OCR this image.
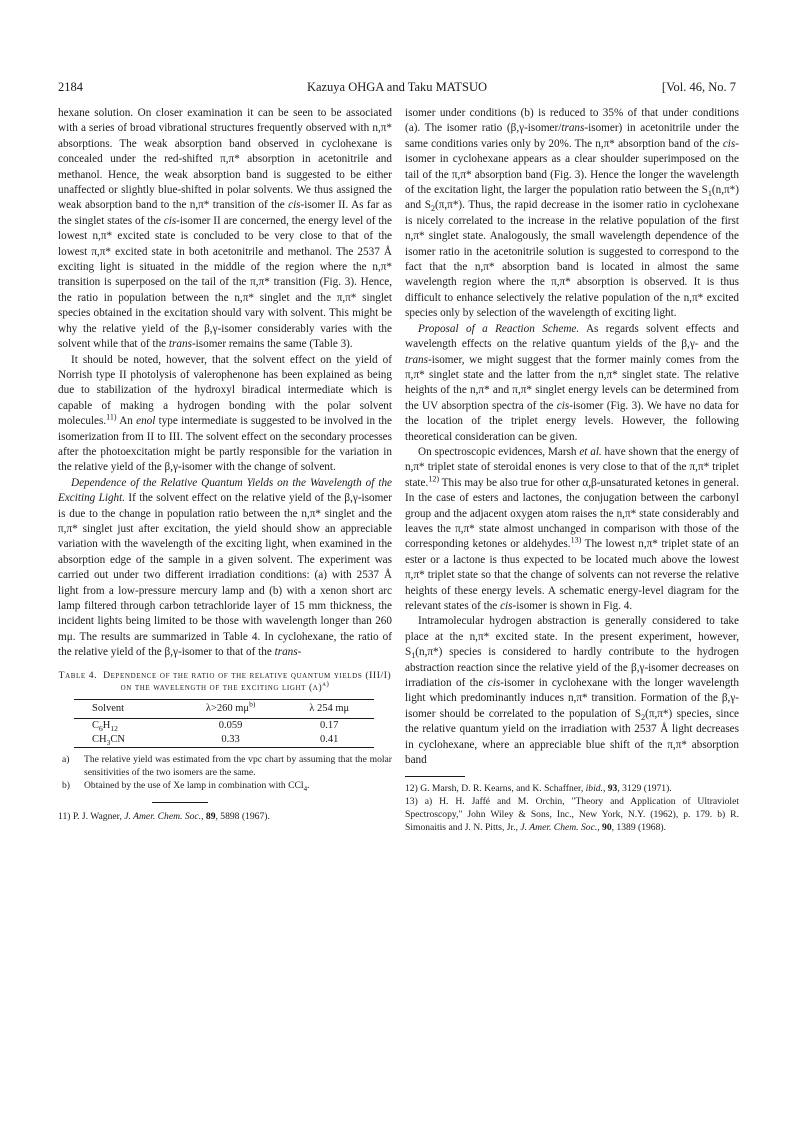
2184	Kazuya OHGA and Taku MATSUO	[Vol. 46, No. 7

hexane solution. On closer examination it can be seen to be associated with a series of broad vibrational structures frequently observed with n,π* absorptions. The weak absorption band observed in cyclohexane is concealed under the red-shifted π,π* absorption in acetonitrile and methanol. Hence, the weak absorption band is suggested to be either unaffected or slightly blue-shifted in polar solvents. We thus assigned the weak absorption band to the n,π* transition of the cis-isomer II. As far as the singlet states of the cis-isomer II are concerned, the energy level of the lowest n,π* excited state is concluded to be very close to that of the lowest π,π* excited state in both acetonitrile and methanol. The 2537 Å exciting light is situated in the middle of the region where the n,π* transition is superposed on the tail of the π,π* transition (Fig. 3). Hence, the ratio in population between the n,π* singlet and the π,π* singlet species obtained in the excitation should vary with solvent. This might be why the relative yield of the β,γ-isomer considerably varies with the solvent while that of the trans-isomer remains the same (Table 3).

It should be noted, however, that the solvent effect on the yield of Norrish type II photolysis of valerophenone has been explained as being due to stabilization of the hydroxyl biradical intermediate which is capable of making a hydrogen bonding with the polar solvent molecules.$^{11)}$ An enol type intermediate is suggested to be involved in the isomerization from II to III. The solvent effect on the secondary processes after the photoexcitation might be partly responsible for the variation in the relative yield of the β,γ-isomer with the change of solvent.

Dependence of the Relative Quantum Yields on the Wavelength of the Exciting Light. If the solvent effect on the relative yield of the β,γ-isomer is due to the change in population ratio between the n,π* singlet and the π,π* singlet just after excitation, the yield should show an appreciable variation with the wavelength of the exciting light, when examined in the absorption edge of the sample in a given solvent. The experiment was carried out under two different irradiation conditions: (a) with 2537 Å light from a low-pressure mercury lamp and (b) with a xenon short arc lamp filtered through carbon tetrachloride layer of 15 mm thickness, the incident lights being limited to be those with wavelength longer than 260 mμ. The results are summarized in Table 4. In cyclohexane, the ratio of the relative yield of the β,γ-isomer to that of the trans-

Table 4. Dependence of the ratio of the relative quantum yields (III/I) on the wavelength of the exciting light $(\lambda)^{a)}$
Solvent	λ>260 $m\mu^{b)}$	λ 254 mμ
$C_6H_{12}$	0.059	0.17
$CH_3CN$	0.33	0.41
a) The relative yield was estimated from the vpc chart by assuming that the molar sensitivities of the two isomers are the same.
b) Obtained by the use of Xe lamp in combination with CCl$_4$.
11) P. J. Wagner, J. Amer. Chem. Soc., 89, 5898 (1967).

isomer under conditions (b) is reduced to 35% of that under conditions (a). The isomer ratio (β,γ-isomer/trans-isomer) in acetonitrile under the same conditions varies only by 20%. The n,π* absorption band of the cis-isomer in cyclohexane appears as a clear shoulder superimposed on the tail of the π,π* absorption band (Fig. 3). Hence the longer the wavelength of the excitation light, the larger the population ratio between the $S_1(n,\pi*)$ and $S_2(\pi,\pi*)$. Thus, the rapid decrease in the isomer ratio in cyclohexane is nicely correlated to the increase in the relative population of the first n,π* singlet state. Analogously, the small wavelength dependence of the isomer ratio in the acetonitrile solution is suggested to correspond to the fact that the n,π* absorption band is located in almost the same wavelength region where the π,π* absorption is observed. It is thus difficult to enhance selectively the relative population of the n,π* excited species only by selection of the wavelength of exciting light.

Proposal of a Reaction Scheme. As regards solvent effects and wavelength effects on the relative quantum yields of the β,γ- and the trans-isomer, we might suggest that the former mainly comes from the π,π* singlet state and the latter from the n,π* singlet state. The relative heights of the n,π* and π,π* singlet energy levels can be determined from the UV absorption spectra of the cis-isomer (Fig. 3). We have no data for the location of the triplet energy levels. However, the following theoretical consideration can be given.

On spectroscopic evidences, Marsh et al. have shown that the energy of n,π* triplet state of steroidal enones is very close to that of the π,π* triplet state.$^{12)}$ This may be also true for other α,β-unsaturated ketones in general. In the case of esters and lactones, the conjugation between the carbonyl group and the adjacent oxygen atom raises the n,π* state considerably and leaves the π,π* state almost unchanged in comparison with those of the corresponding ketones or aldehydes.$^{13)}$ The lowest n,π* triplet state of an ester or a lactone is thus expected to be located much above the lowest π,π* triplet state so that the change of solvents can not reverse the relative heights of these energy levels. A schematic energy-level diagram for the relevant states of the cis-isomer is shown in Fig. 4.

Intramolecular hydrogen abstraction is generally considered to take place at the n,π* excited state. In the present experiment, however, $S_1(n,\pi*)$ species is considered to hardly contribute to the hydrogen abstraction reaction since the relative yield of the β,γ-isomer decreases on irradiation of the cis-isomer in cyclohexane with the longer wavelength light which predominantly induces n,π* transition. Formation of the β,γ-isomer should be correlated to the population of $S_2(\pi,\pi*)$ species, since the relative quantum yield on the irradiation with 2537 Å light decreases in cyclohexane, where an appreciable blue shift of the π,π* absorption band

12) G. Marsh, D. R. Kearns, and K. Schaffner, ibid., 93, 3129 (1971).
13) a) H. H. Jaffé and M. Orchin, "Theory and Application of Ultraviolet Spectroscopy," John Wiley & Sons, Inc., New York, N.Y. (1962), p. 179. b) R. Simonaitis and J. N. Pitts, Jr., J. Amer. Chem. Soc., 90, 1389 (1968).
